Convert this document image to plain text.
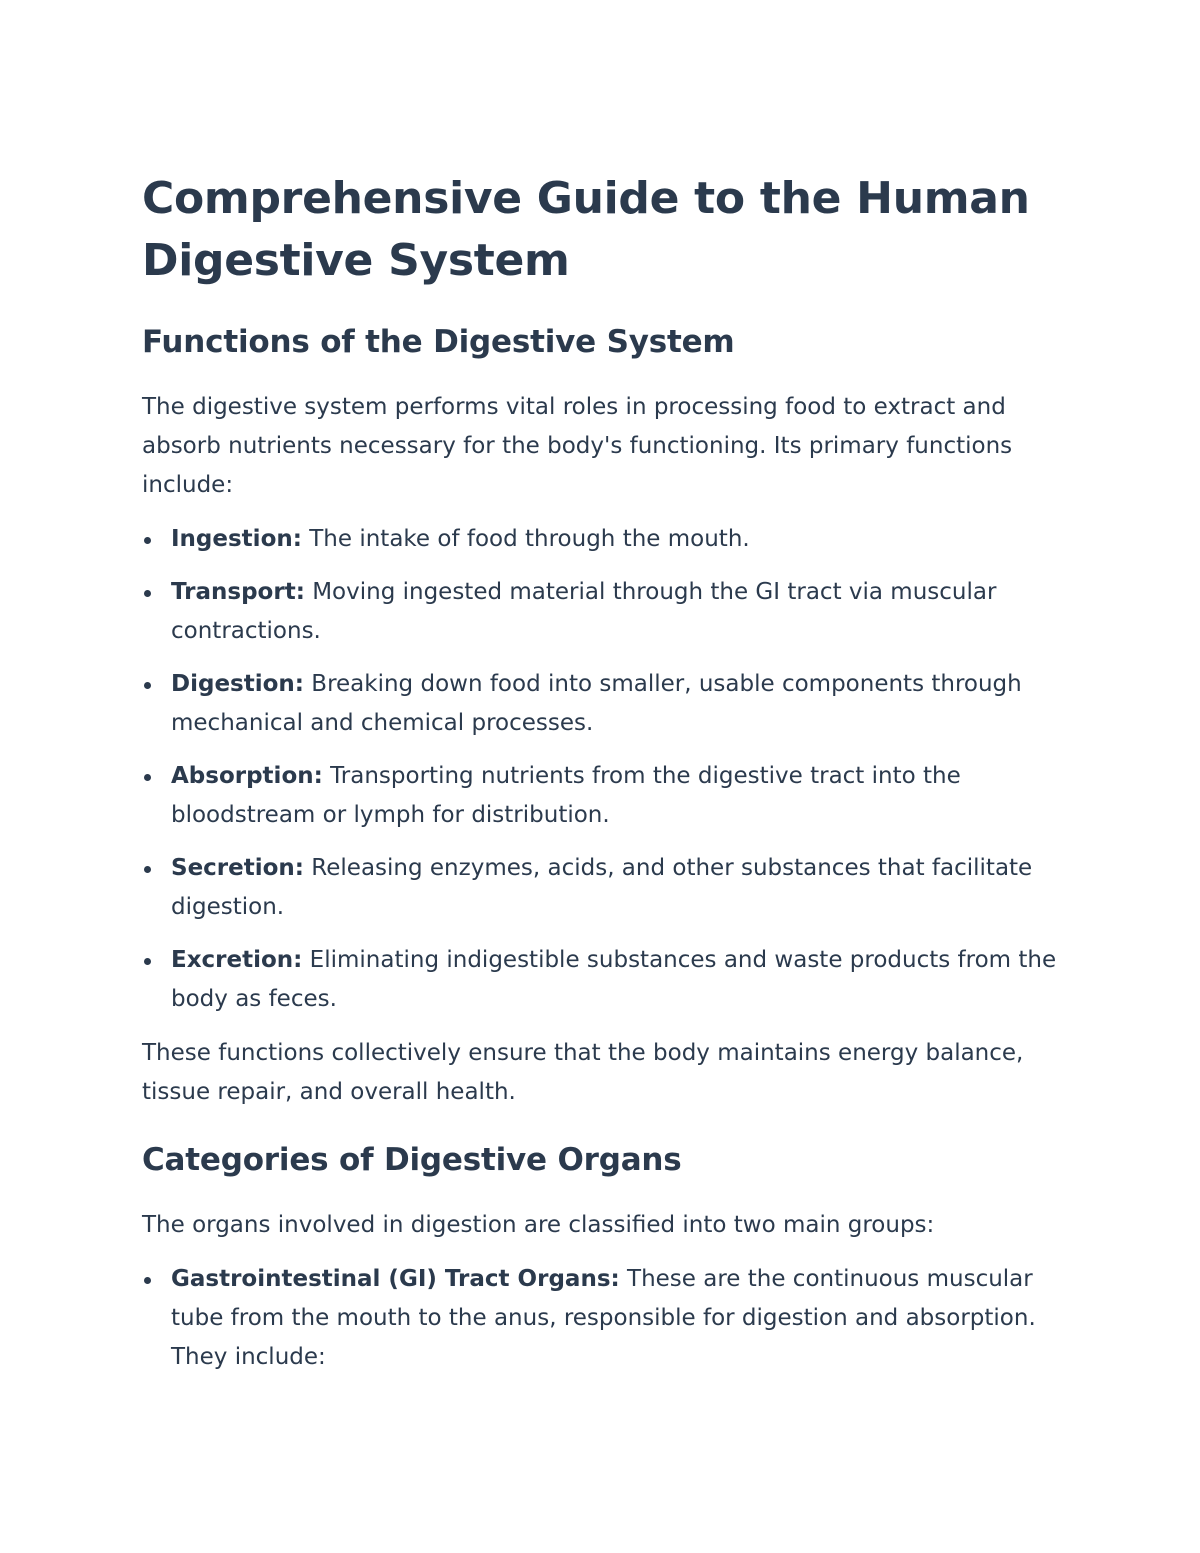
Comprehensive Guide to the Human Digestive System
Functions of the Digestive System

The digestive system performs vital roles in processing food to extract and absorb nutrients necessary for the body's functioning. Its primary functions include:

Ingestion: The intake of food through the mouth.
Transport: Moving ingested material through the GI tract via muscular contractions.
Digestion: Breaking down food into smaller, usable components through mechanical and chemical processes.
Absorption: Transporting nutrients from the digestive tract into the bloodstream or lymph for distribution.
Secretion: Releasing enzymes, acids, and other substances that facilitate digestion.
Excretion: Eliminating indigestible substances and waste products from the body as feces.

These functions collectively ensure that the body maintains energy balance, tissue repair, and overall health.

Categories of Digestive Organs

The organs involved in digestion are classified into two main groups:

Gastrointestinal (GI) Tract Organs: These are the continuous muscular tube from the mouth to the anus, responsible for digestion and absorption. They include:
